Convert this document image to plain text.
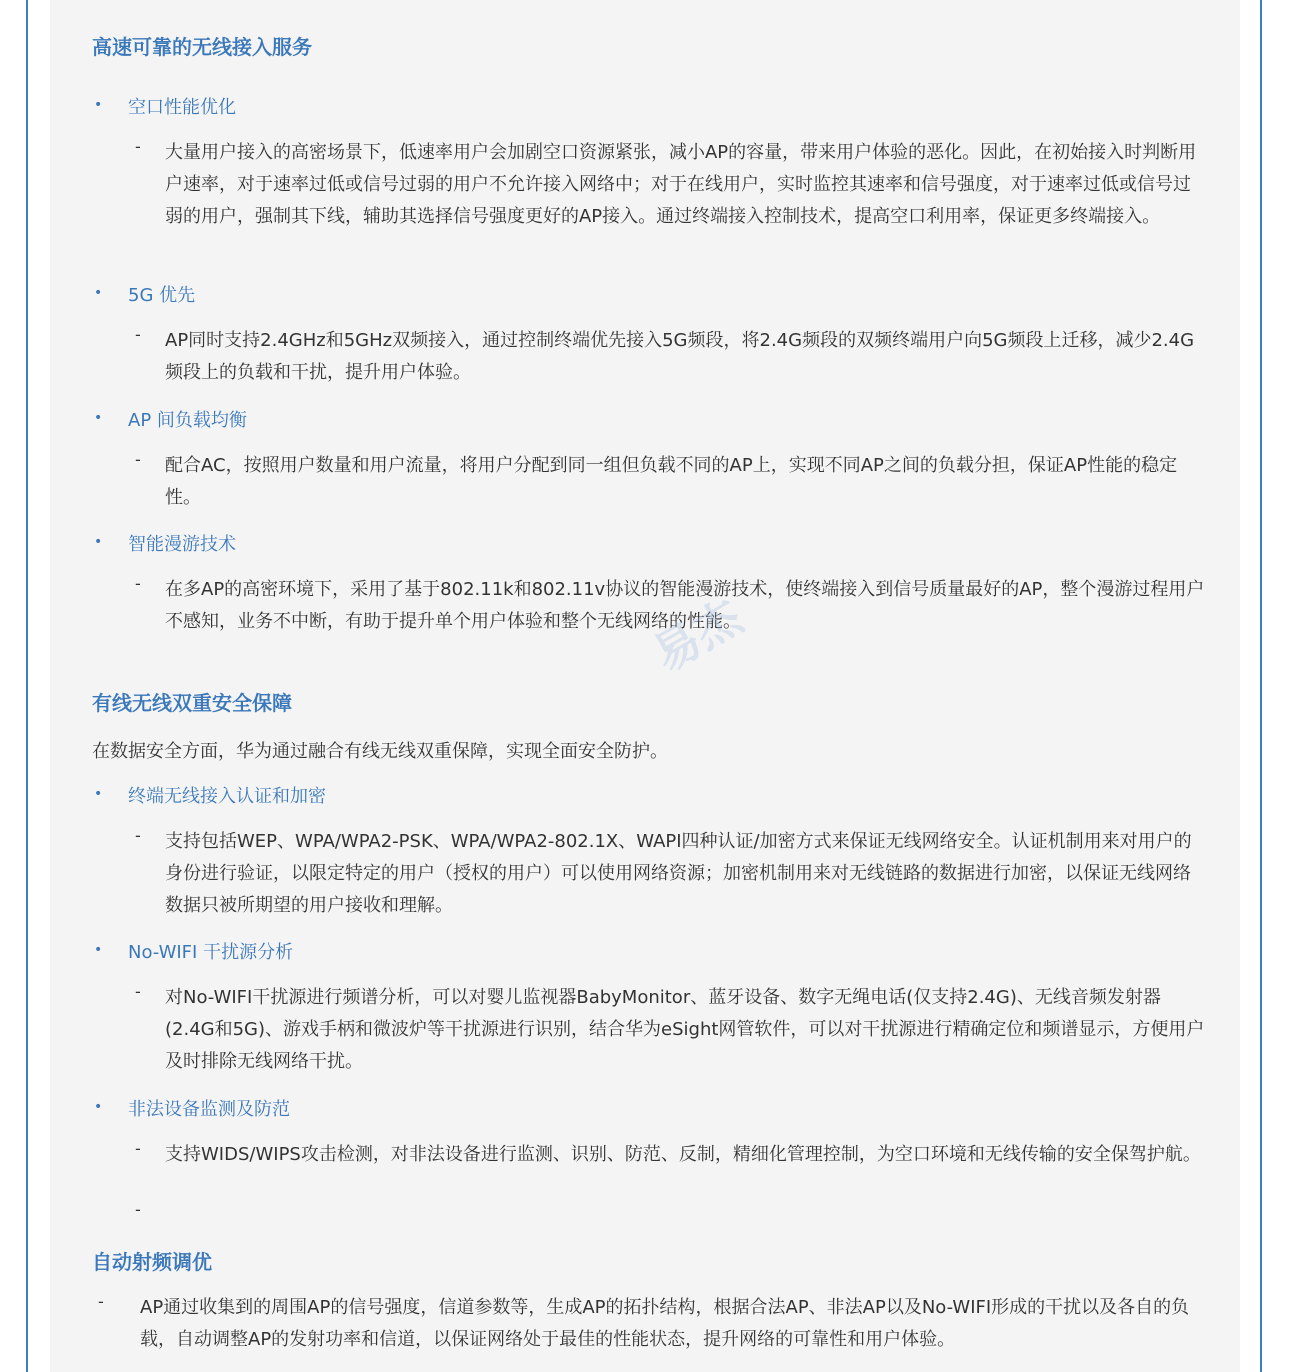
高速可靠的无线接入服务
• 空口性能优化
- 大量用户接入的高密场景下，低速率用户会加剧空口资源紧张，减小AP的容量，带来用户体验的恶化。因此，在初始接入时判断用户速率，对于速率过低或信号过弱的用户不允许接入网络中；对于在线用户，实时监控其速率和信号强度，对于速率过低或信号过弱的用户，强制其下线，辅助其选择信号强度更好的AP接入。通过终端接入控制技术，提高空口利用率，保证更多终端接入。

• 5G 优先
- AP同时支持2.4GHz和5GHz双频接入，通过控制终端优先接入5G频段，将2.4G频段的双频终端用户向5G频段上迁移，减少2.4G频段上的负载和干扰，提升用户体验。

• AP 间负载均衡
- 配合AC，按照用户数量和用户流量，将用户分配到同一组但负载不同的AP上，实现不同AP之间的负载分担，保证AP性能的稳定性。

• 智能漫游技术
- 在多AP的高密环境下，采用了基于802.11k和802.11v协议的智能漫游技术，使终端接入到信号质量最好的AP，整个漫游过程用户不感知，业务不中断，有助于提升单个用户体验和整个无线网络的性能。

易杰
有线无线双重安全保障
在数据安全方面，华为通过融合有线无线双重保障，实现全面安全防护。
• 终端无线接入认证和加密
- 支持包括WEP、WPA/WPA2-PSK、WPA/WPA2-802.1X、WAPI四种认证/加密方式来保证无线网络安全。认证机制用来对用户的身份进行验证，以限定特定的用户（授权的用户）可以使用网络资源；加密机制用来对无线链路的数据进行加密，以保证无线网络数据只被所期望的用户接收和理解。

• No-WIFI 干扰源分析
- 对No-WIFI干扰源进行频谱分析，可以对婴儿监视器BabyMonitor、蓝牙设备、数字无绳电话(仅支持2.4G)、无线音频发射器(2.4G和5G)、游戏手柄和微波炉等干扰源进行识别，结合华为eSight网管软件，可以对干扰源进行精确定位和频谱显示，方便用户及时排除无线网络干扰。

• 非法设备监测及防范
- 支持WIDS/WIPS攻击检测，对非法设备进行监测、识别、防范、反制，精细化管理控制，为空口环境和无线传输的安全保驾护航。

-
自动射频调优
- AP通过收集到的周围AP的信号强度，信道参数等，生成AP的拓扑结构，根据合法AP、非法AP以及No-WIFI形成的干扰以及各自的负载，自动调整AP的发射功率和信道，以保证网络处于最佳的性能状态，提升网络的可靠性和用户体验。
